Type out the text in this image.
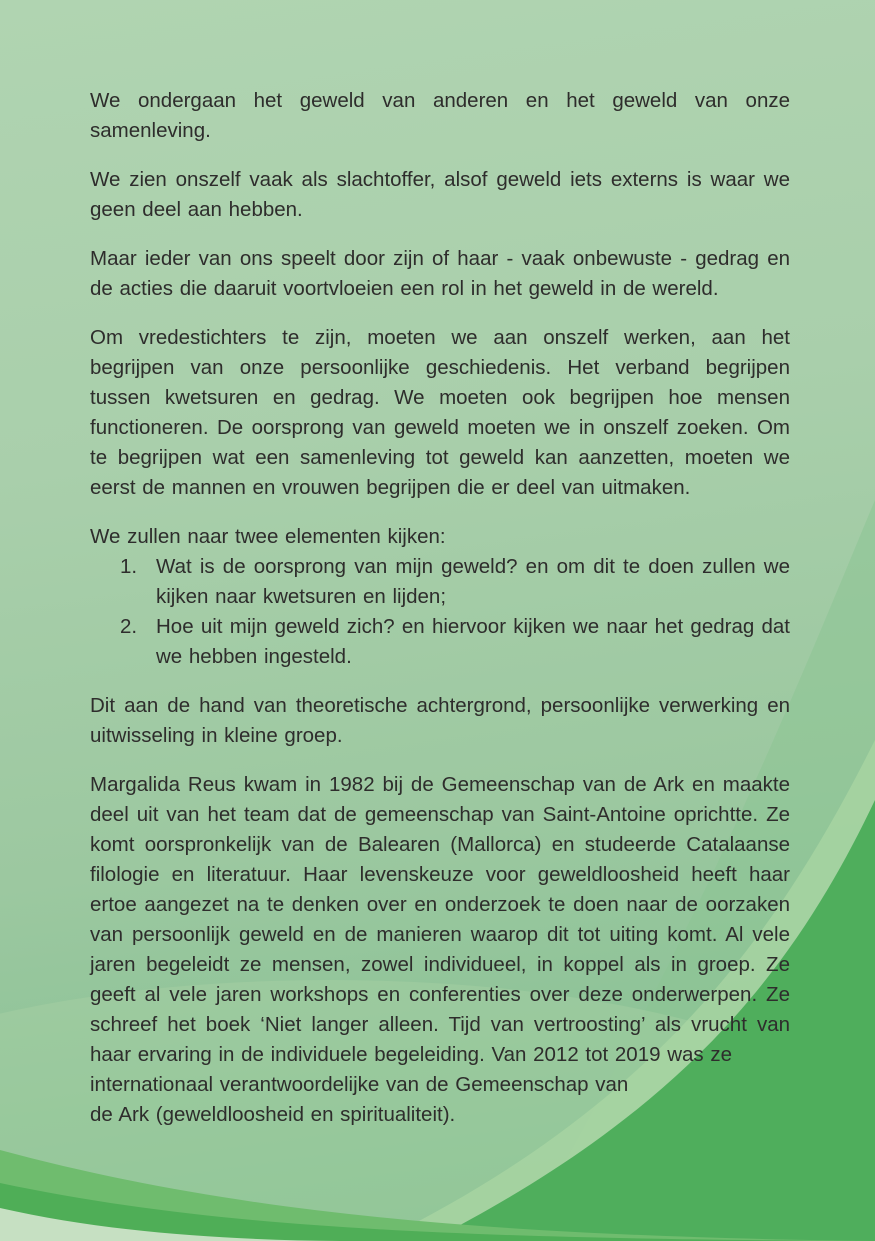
We ondergaan het geweld van anderen en het geweld van onze samenleving.

We zien onszelf vaak als slachtoffer, alsof geweld iets externs is waar we geen deel aan hebben.

Maar ieder van ons speelt door zijn of haar - vaak onbewuste - gedrag en de acties die daaruit voortvloeien een rol in het geweld in de wereld.

Om vredestichters te zijn, moeten we aan onszelf werken, aan het begrijpen van onze persoonlijke geschiedenis. Het verband begrijpen tussen kwetsuren en gedrag. We moeten ook begrijpen hoe mensen functioneren. De oorsprong van geweld moeten we in onszelf zoeken. Om te begrijpen wat een samenleving tot geweld kan aanzetten, moeten we eerst de mannen en vrouwen begrijpen die er deel van uitmaken.

We zullen naar twee elementen kijken:

1. Wat is de oorsprong van mijn geweld? en om dit te doen zullen we kijken naar kwetsuren en lijden;
2. Hoe uit mijn geweld zich? en hiervoor kijken we naar het gedrag dat we hebben ingesteld.

Dit aan de hand van theoretische achtergrond, persoonlijke verwerking en uitwisseling in kleine groep.

Margalida Reus kwam in 1982 bij de Gemeenschap van de Ark en maakte deel uit van het team dat de gemeenschap van Saint-Antoine oprichtte. Ze komt oorspronkelijk van de Balearen (Mallorca) en studeerde Catalaanse filologie en literatuur. Haar levenskeuze voor geweldloosheid heeft haar ertoe aangezet na te denken over en onderzoek te doen naar de oorzaken van persoonlijk geweld en de manieren waarop dit tot uiting komt. Al vele jaren begeleidt ze mensen, zowel individueel, in koppel als in groep. Ze geeft al vele jaren workshops en conferenties over deze onderwerpen. Ze schreef het boek ‘Niet langer alleen. Tijd van vertroosting’ als vrucht van haar ervaring in de individuele begeleiding. Van 2012 tot 2019 was ze

internationaal verantwoordelijke van de Gemeenschap van
de Ark (geweldloosheid en spiritualiteit).
